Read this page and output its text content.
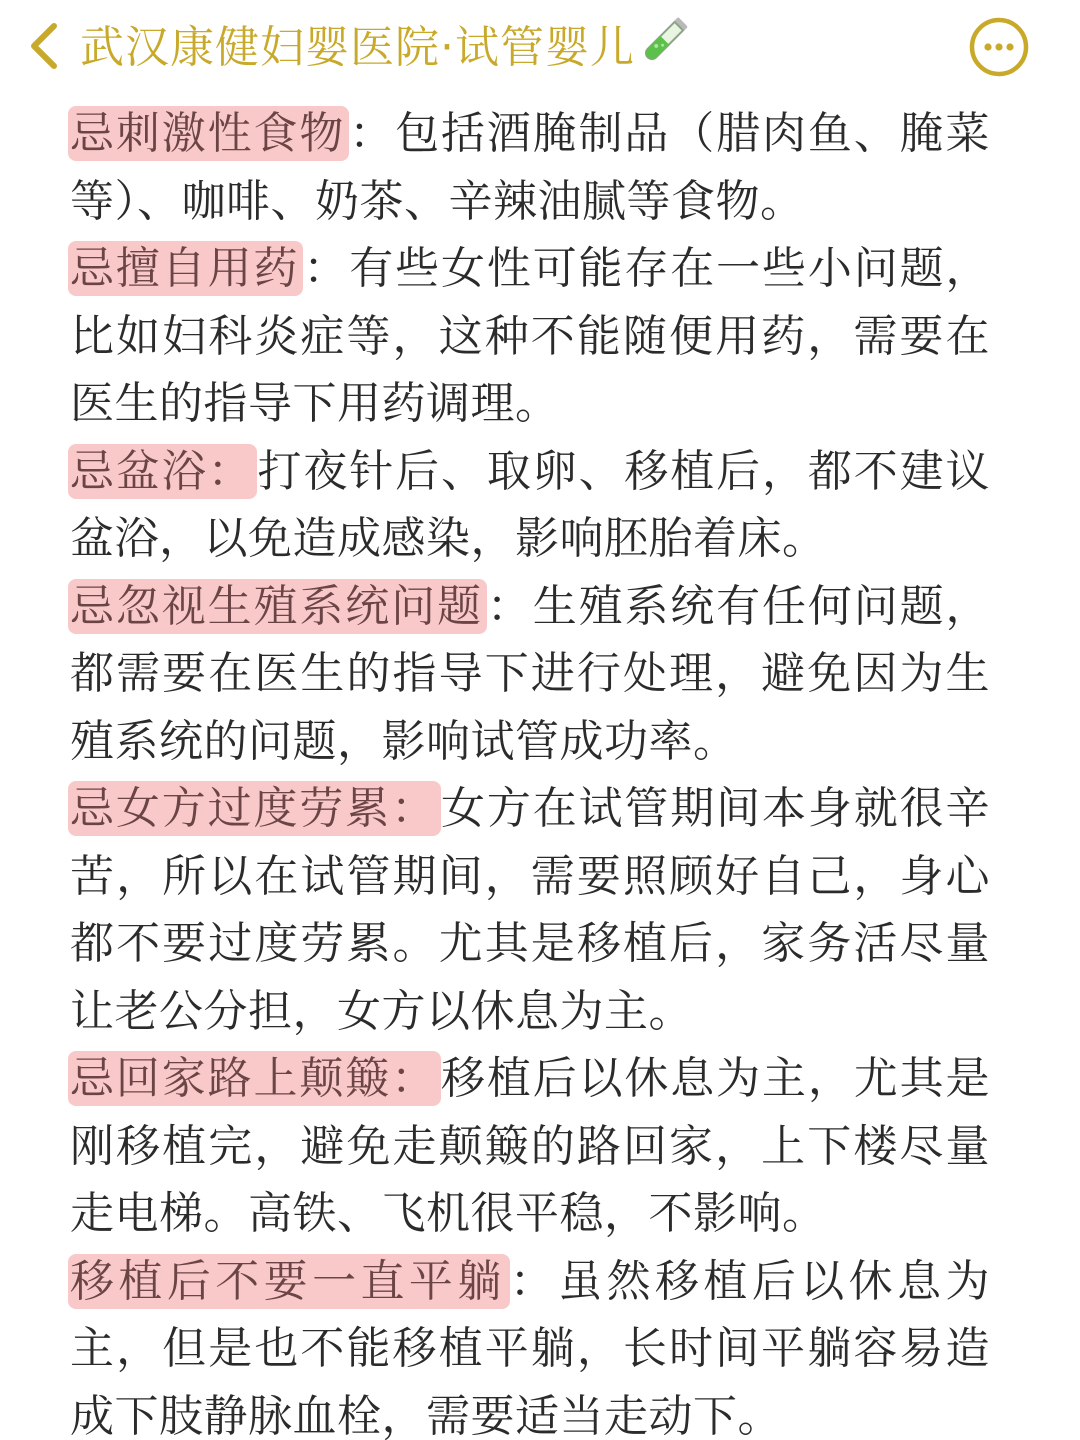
武汉康健妇婴医院·试管婴儿

忌刺激性食物：包括酒腌制品（腊肉鱼、腌菜等）、咖啡、奶茶、辛辣油腻等食物。

忌擅自用药：有些女性可能存在一些小问题，比如妇科炎症等，这种不能随便用药，需要在医生的指导下用药调理。

忌盆浴：打夜针后、取卵、移植后，都不建议盆浴，以免造成感染，影响胚胎着床。

忌忽视生殖系统问题：生殖系统有任何问题，都需要在医生的指导下进行处理，避免因为生殖系统的问题，影响试管成功率。

忌女方过度劳累：女方在试管期间本身就很辛苦，所以在试管期间，需要照顾好自己，身心都不要过度劳累。尤其是移植后，家务活尽量让老公分担，女方以休息为主。

忌回家路上颠簸：移植后以休息为主，尤其是刚移植完，避免走颠簸的路回家，上下楼尽量走电梯。高铁、飞机很平稳，不影响。

移植后不要一直平躺：虽然移植后以休息为主，但是也不能移植平躺，长时间平躺容易造成下肢静脉血栓，需要适当走动下。
